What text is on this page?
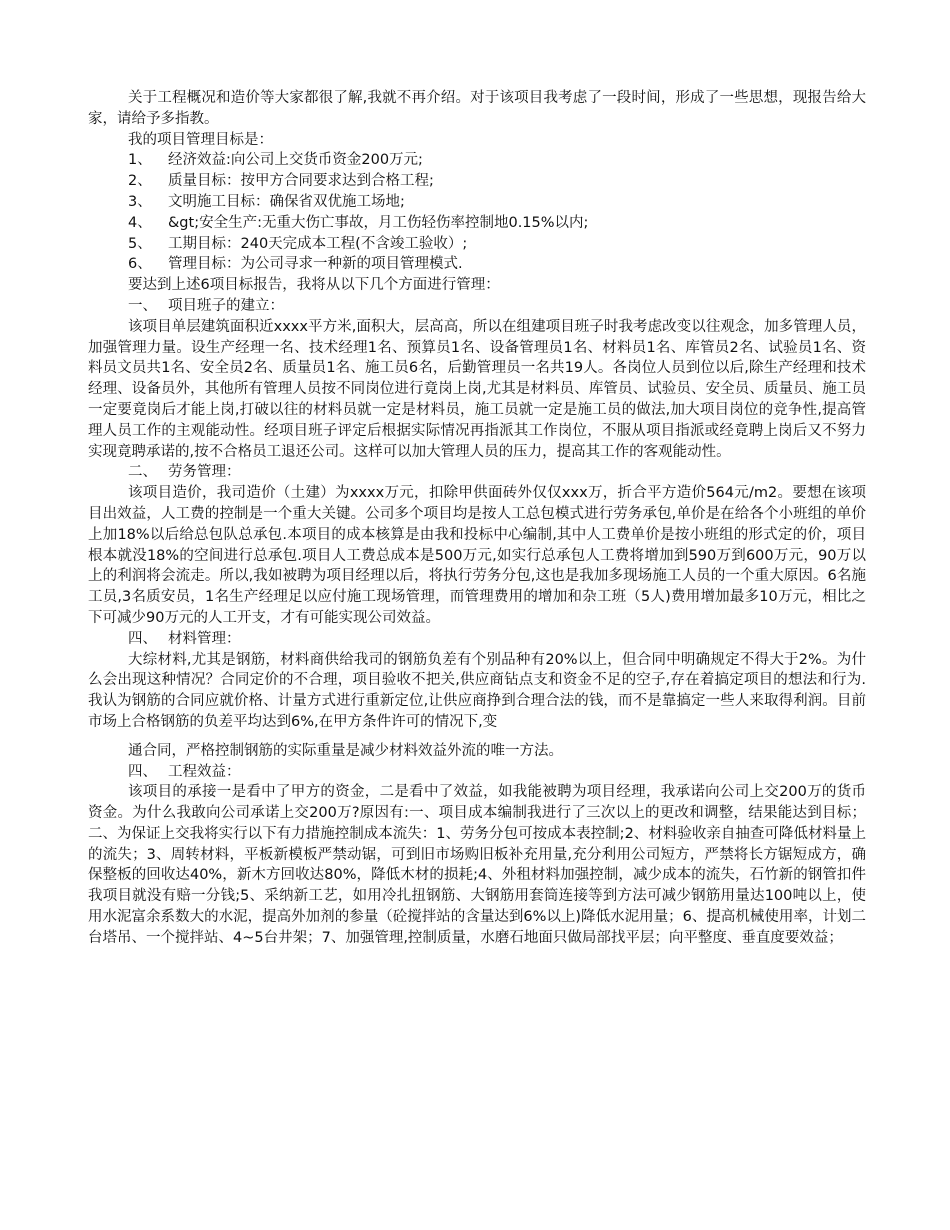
关于工程概况和造价等大家都很了解,我就不再介绍。对于该项目我考虑了一段时间，形成了一些思想，现报告给大家，请给予多指教。

我的项目管理目标是：

1、 经济效益:向公司上交货币资金200万元;

2、 质量目标：按甲方合同要求达到合格工程;

3、 文明施工目标：确保省双优施工场地;

4、 &gt;安全生产:无重大伤亡事故，月工伤轻伤率控制地0.15%以内;

5、 工期目标：240天完成本工程(不含竣工验收）;

6、 管理目标：为公司寻求一种新的项目管理模式.

要达到上述6项目标报告，我将从以下几个方面进行管理：

一、 项目班子的建立：

该项目单层建筑面积近xxxx平方米,面积大，层高高，所以在组建项目班子时我考虑改变以往观念，加多管理人员，加强管理力量。设生产经理一名、技术经理1名、预算员1名、设备管理员1名、材料员1名、库管员2名、试验员1名、资料员文员共1名、安全员2名、质量员1名、施工员6名，后勤管理员一名共19人。各岗位人员到位以后,除生产经理和技术经理、设备员外，其他所有管理人员按不同岗位进行竟岗上岗,尤其是材料员、库管员、试验员、安全员、质量员、施工员一定要竟岗后才能上岗,打破以往的材料员就一定是材料员，施工员就一定是施工员的做法,加大项目岗位的竞争性,提高管理人员工作的主观能动性。经项目班子评定后根据实际情况再指派其工作岗位，不服从项目指派或经竟聘上岗后又不努力实现竟聘承诺的,按不合格员工退还公司。这样可以加大管理人员的压力，提高其工作的客观能动性。

二、 劳务管理：

该项目造价，我司造价（土建）为xxxx万元，扣除甲供面砖外仅仅xxx万，折合平方造价564元/m2。要想在该项目出效益，人工费的控制是一个重大关键。公司多个项目均是按人工总包模式进行劳务承包,单价是在给各个小班组的单价上加18%以后给总包队总承包.本项目的成本核算是由我和投标中心编制,其中人工费单价是按小班组的形式定的价，项目根本就没18%的空间进行总承包.项目人工费总成本是500万元,如实行总承包人工费将增加到590万到600万元，90万以上的利润将会流走。所以,我如被聘为项目经理以后，将执行劳务分包,这也是我加多现场施工人员的一个重大原因。6名施工员,3名质安员，1名生产经理足以应付施工现场管理，而管理费用的增加和杂工班（5人)费用增加最多10万元，相比之下可减少90万元的人工开支，才有可能实现公司效益。

四、 材料管理：

大综材料,尤其是钢筋，材料商供给我司的钢筋负差有个别品种有20%以上，但合同中明确规定不得大于2%。为什么会出现这种情况？合同定价的不合理，项目验收不把关,供应商钻点支和资金不足的空子,存在着搞定项目的想法和行为.我认为钢筋的合同应就价格、计量方式进行重新定位,让供应商挣到合理合法的钱，而不是靠搞定一些人来取得利润。目前市场上合格钢筋的负差平均达到6%,在甲方条件许可的情况下,变

通合同，严格控制钢筋的实际重量是减少材料效益外流的唯一方法。

四、 工程效益：

该项目的承接一是看中了甲方的资金，二是看中了效益，如我能被聘为项目经理，我承诺向公司上交200万的货币资金。为什么我敢向公司承诺上交200万?原因有:一、项目成本编制我进行了三次以上的更改和调整，结果能达到目标；二、为保证上交我将实行以下有力措施控制成本流失：1、劳务分包可按成本表控制;2、材料验收亲自抽查可降低材料量上的流失；3、周转材料，平板新模板严禁动锯，可到旧市场购旧板补充用量,充分利用公司短方，严禁将长方锯短成方，确保整板的回收达40%，新木方回收达80%，降低木材的损耗;4、外租材料加强控制，减少成本的流失，石竹新的钢管扣件我项目就没有赔一分钱;5、采纳新工艺，如用冷扎扭钢筋、大钢筋用套筒连接等到方法可减少钢筋用量达100吨以上，使用水泥富余系数大的水泥，提高外加剂的参量（砼搅拌站的含量达到6%以上)降低水泥用量；6、提高机械使用率，计划二台塔吊、一个搅拌站、4~5台井架；7、加强管理,控制质量，水磨石地面只做局部找平层；向平整度、垂直度要效益；
